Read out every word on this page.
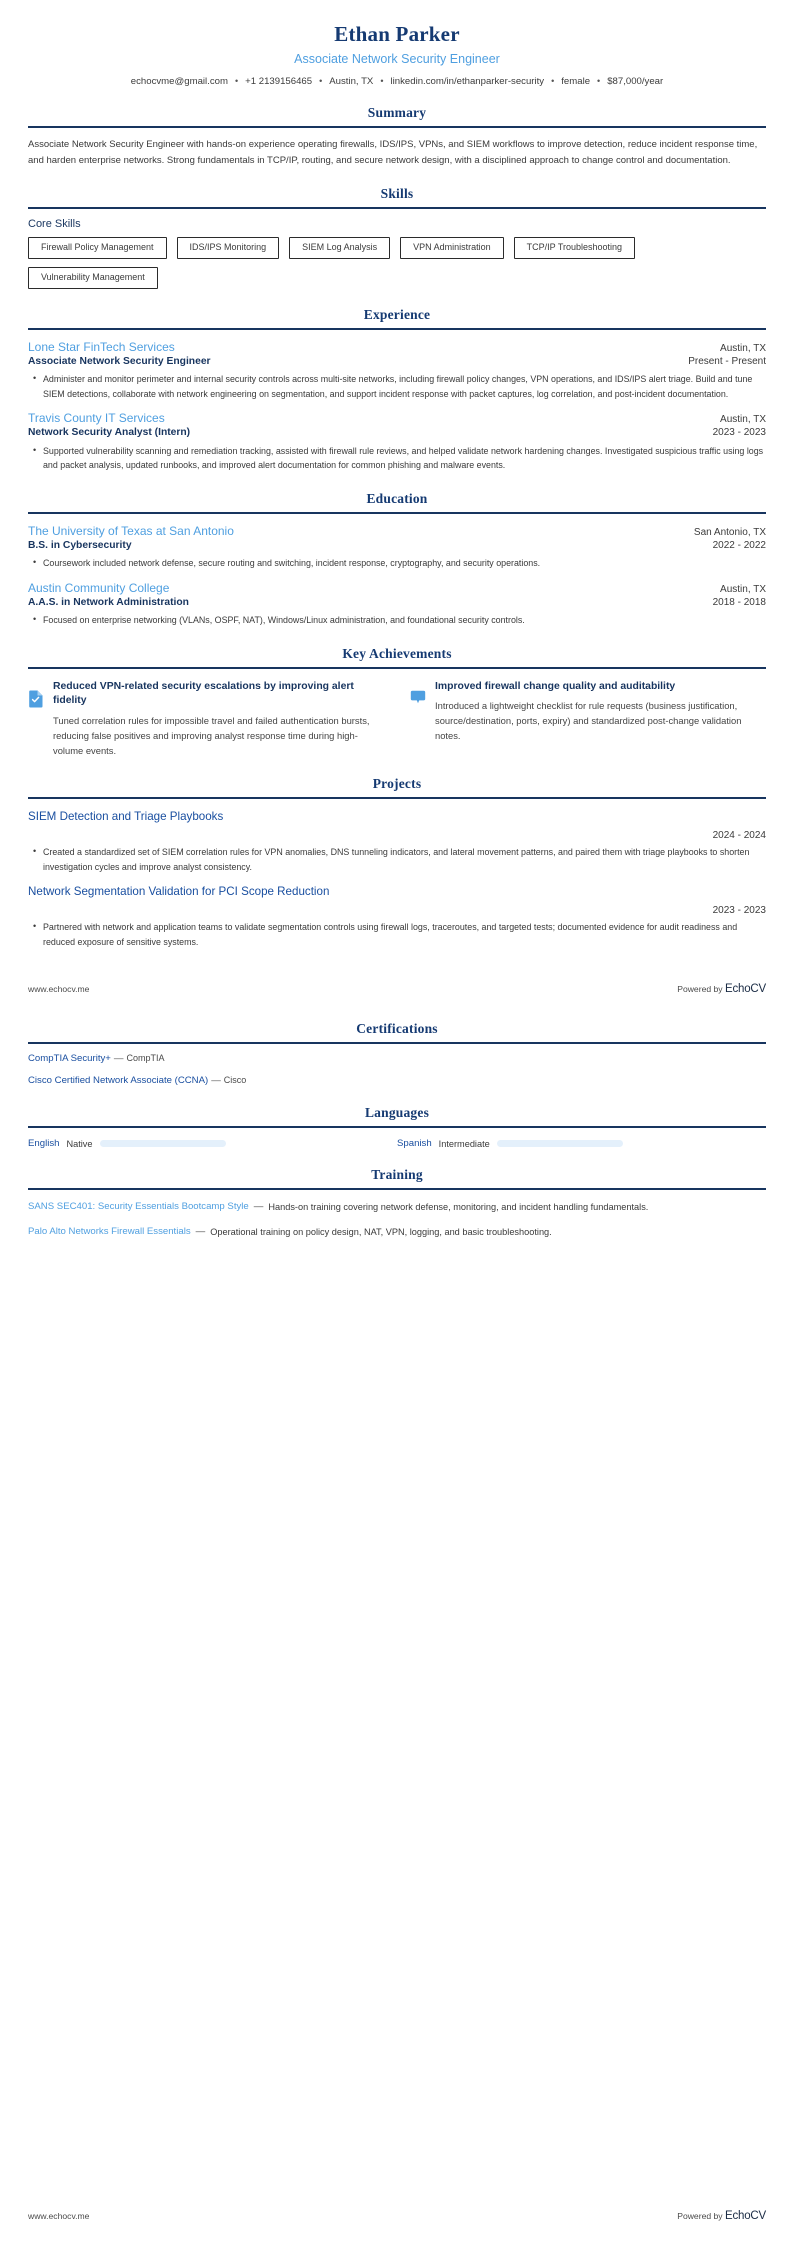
Ethan Parker
Associate Network Security Engineer
echocvme@gmail.com • +1 2139156465 • Austin, TX • linkedin.com/in/ethanparker-security • female • $87,000/year
Summary
Associate Network Security Engineer with hands-on experience operating firewalls, IDS/IPS, VPNs, and SIEM workflows to improve detection, reduce incident response time, and harden enterprise networks. Strong fundamentals in TCP/IP, routing, and secure network design, with a disciplined approach to change control and documentation.
Skills
Core Skills
Firewall Policy Management	IDS/IPS Monitoring	SIEM Log Analysis	VPN Administration	TCP/IP Troubleshooting
Vulnerability Management
Experience
Lone Star FinTech Services	Austin, TX
Associate Network Security Engineer	Present - Present
• Administer and monitor perimeter and internal security controls across multi-site networks, including firewall policy changes, VPN operations, and IDS/IPS alert triage. Build and tune SIEM detections, collaborate with network engineering on segmentation, and support incident response with packet captures, log correlation, and post-incident documentation.
Travis County IT Services	Austin, TX
Network Security Analyst (Intern)	2023 - 2023
• Supported vulnerability scanning and remediation tracking, assisted with firewall rule reviews, and helped validate network hardening changes. Investigated suspicious traffic using logs and packet analysis, updated runbooks, and improved alert documentation for common phishing and malware events.
Education
The University of Texas at San Antonio	San Antonio, TX
B.S. in Cybersecurity	2022 - 2022
• Coursework included network defense, secure routing and switching, incident response, cryptography, and security operations.
Austin Community College	Austin, TX
A.A.S. in Network Administration	2018 - 2018
• Focused on enterprise networking (VLANs, OSPF, NAT), Windows/Linux administration, and foundational security controls.
Key Achievements
Reduced VPN-related security escalations by improving alert fidelity
Tuned correlation rules for impossible travel and failed authentication bursts, reducing false positives and improving analyst response time during high-volume events.
Improved firewall change quality and auditability
Introduced a lightweight checklist for rule requests (business justification, source/destination, ports, expiry) and standardized post-change validation notes.
Projects
SIEM Detection and Triage Playbooks
2024 - 2024
• Created a standardized set of SIEM correlation rules for VPN anomalies, DNS tunneling indicators, and lateral movement patterns, and paired them with triage playbooks to shorten investigation cycles and improve analyst consistency.
Network Segmentation Validation for PCI Scope Reduction
2023 - 2023
• Partnered with network and application teams to validate segmentation controls using firewall logs, traceroutes, and targeted tests; documented evidence for audit readiness and reduced exposure of sensitive systems.
www.echocv.me	Powered by EchoCV
Certifications
CompTIA Security+ — CompTIA
Cisco Certified Network Associate (CCNA) — Cisco
Languages
English Native	Spanish Intermediate
Training
SANS SEC401: Security Essentials Bootcamp Style — Hands-on training covering network defense, monitoring, and incident handling fundamentals.
Palo Alto Networks Firewall Essentials — Operational training on policy design, NAT, VPN, logging, and basic troubleshooting.
www.echocv.me	Powered by EchoCV
